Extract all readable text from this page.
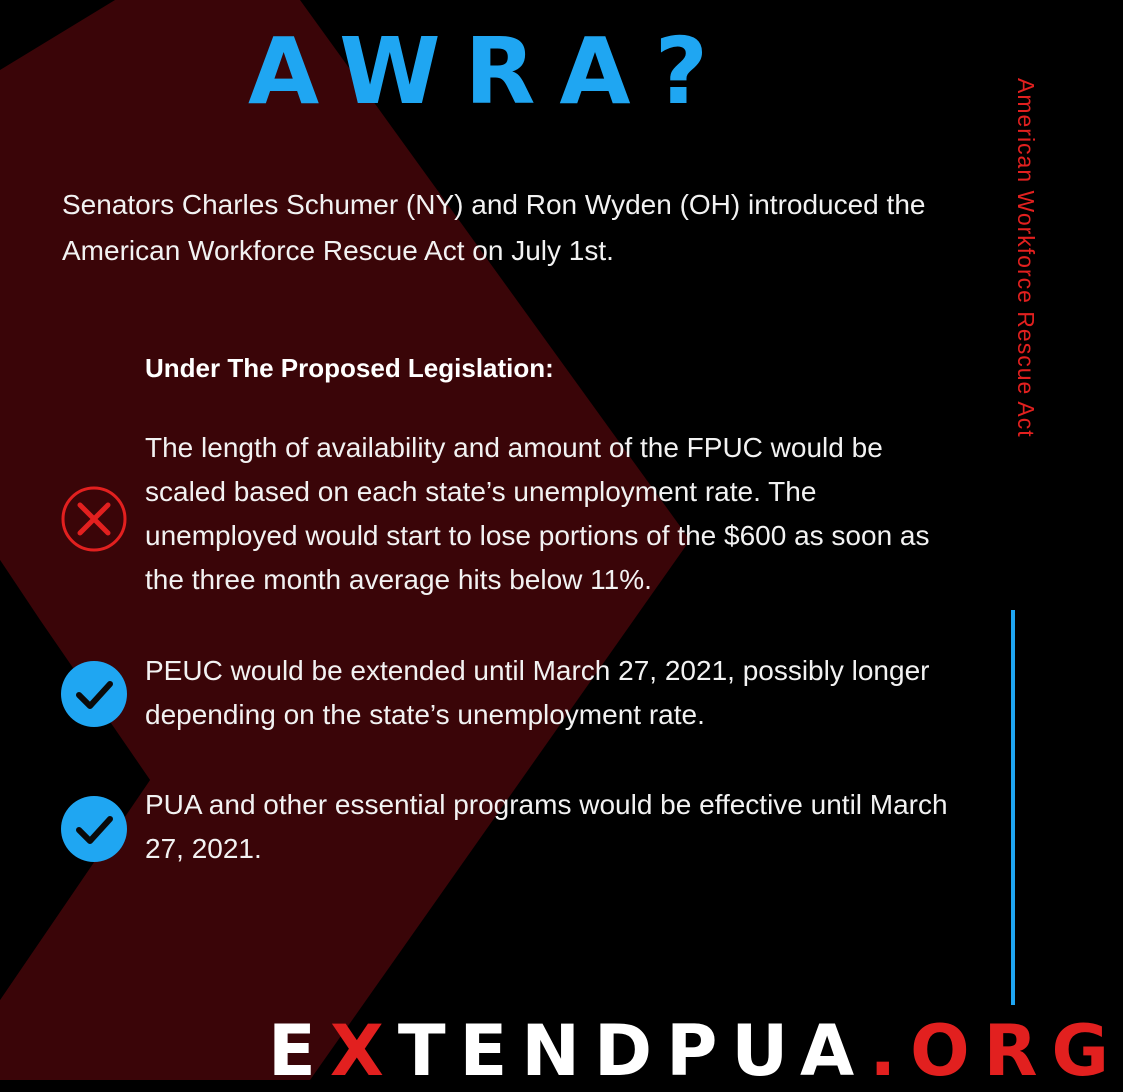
AWRA?
Senators Charles Schumer (NY) and Ron Wyden (OH) introduced the American Workforce Rescue Act on July 1st.
Under The Proposed Legislation:
The length of availability and amount of the FPUC would be scaled based on each state’s unemployment rate. The unemployed would start to lose portions of the $600 as soon as the three month average hits below 11%.
PEUC would be extended until March 27, 2021, possibly longer depending on the state’s unemployment rate.
PUA and other essential programs would be effective until March 27, 2021.
American Workforce Rescue Act
EXTENDPUA.ORG
